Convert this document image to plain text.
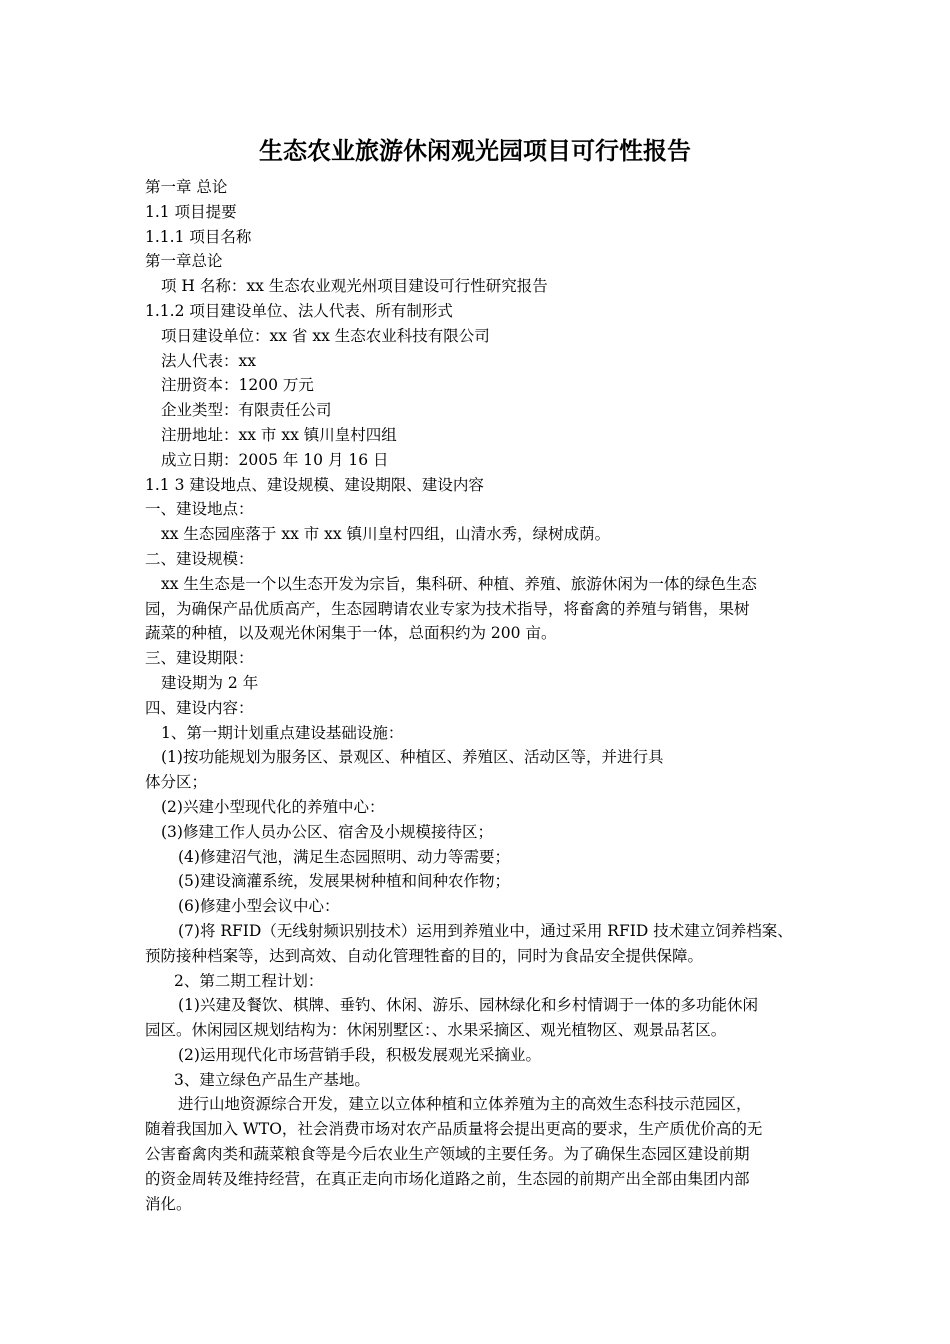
生态农业旅游休闲观光园项目可行性报告
第一章 总论
1.1 项目提要
1.1.1 项目名称
第一章总论
项 H 名称：xx 生态农业观光州项目建设可行性研究报告
1.1.2 项目建设单位、法人代表、所有制形式
项日建设单位：xx 省 xx 生态农业科技有限公司
法人代表：xx
注册资本：1200 万元
企业类型：有限责任公司
注册地址：xx 市 xx 镇川皇村四组
成立日期：2005 年 10 月 16 日
1.1 3 建设地点、建设规模、建设期限、建设内容
一、建设地点：
xx 生态园座落于 xx 市 xx 镇川皇村四组，山清水秀，绿树成荫。
二、建设规模：
xx 生生态是一个以生态开发为宗旨，集科研、种植、养殖、旅游休闲为一体的绿色生态
园，为确保产品优质高产，生态园聘请农业专家为技术指导，将畜禽的养殖与销售，果树
蔬菜的种植，以及观光休闲集于一体，总面积约为 200 亩。
三、建设期限：
建设期为 2 年
四、建设内容：
1、第一期计划重点建设基础设施：
(1)按功能规划为服务区、景观区、种植区、养殖区、活动区等，并进行具
体分区；
(2)兴建小型现代化的养殖中心：
(3)修建工作人员办公区、宿舍及小规模接待区；
(4)修建沼气池，满足生态园照明、动力等需要；
(5)建设滴灌系统，发展果树种植和间种农作物；
(6)修建小型会议中心：
(7)将 RFID（无线射频识别技术）运用到养殖业中，通过采用 RFID 技术建立饲养档案、
预防接种档案等，达到高效、自动化管理牲畜的目的，同时为食品安全提供保障。
2、第二期工程计划：
(1)兴建及餐饮、棋牌、垂钓、休闲、游乐、园林绿化和乡村情调于一体的多功能休闲
园区。休闲园区规划结构为：休闲别墅区：、水果采摘区、观光植物区、观景品茗区。
(2)运用现代化市场营销手段，积极发展观光采摘业。
3、建立绿色产品生产基地。
进行山地资源综合开发，建立以立体种植和立体养殖为主的高效生态科技示范园区，
随着我国加入 WTO，社会消费市场对农产品质量将会提出更高的要求，生产质优价高的无
公害畜禽肉类和蔬菜粮食等是今后农业生产领域的主要任务。为了确保生态园区建设前期
的资金周转及维持经营，在真正走向市场化道路之前，生态园的前期产出全部由集团内部
消化。
